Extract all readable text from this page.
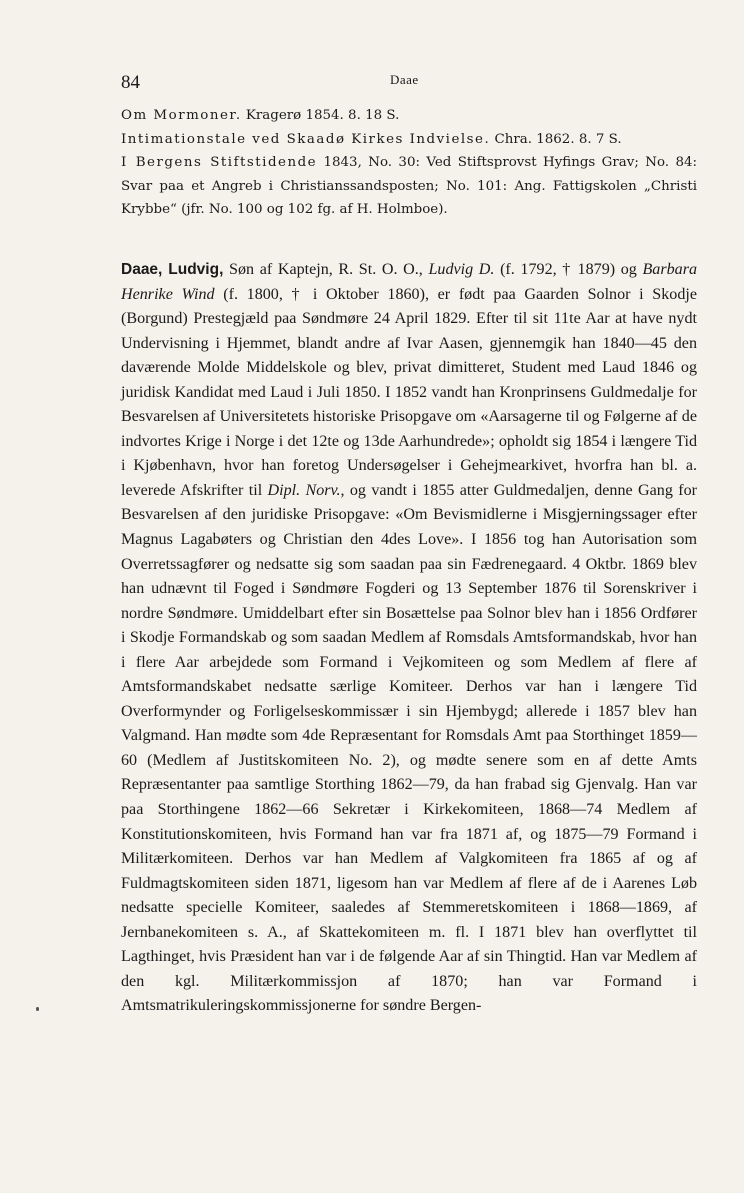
84	Daae

Om Mormoner. Kragerø 1854. 8. 18 S.

Intimationstale ved Skaadø Kirkes Indvielse. Chra. 1862. 8. 7 S.

I Bergens Stiftstidende 1843, No. 30: Ved Stiftsprovst Hyfings Grav; No. 84: Svar paa et Angreb i Christianssandsposten; No. 101: Ang. Fattigskolen „Christi Krybbe“ (jfr. No. 100 og 102 fg. af H. Holmboe).

Daae, Ludvig, Søn af Kaptejn, R. St. O. O., Ludvig D. (f. 1792, † 1879) og Barbara Henrike Wind (f. 1800, † i Oktober 1860), er født paa Gaarden Solnor i Skodje (Borgund) Prestegjæld paa Søndmøre 24 April 1829. Efter til sit 11te Aar at have nydt Undervisning i Hjemmet, blandt andre af Ivar Aasen, gjennemgik han 1840—45 den daværende Molde Middelskole og blev, privat dimitteret, Student med Laud 1846 og juridisk Kandidat med Laud i Juli 1850. I 1852 vandt han Kronprinsens Guldmedalje for Besvarelsen af Universitetets historiske Prisopgave om «Aarsagerne til og Følgerne af de indvortes Krige i Norge i det 12te og 13de Aarhundrede»; opholdt sig 1854 i længere Tid i Kjøbenhavn, hvor han foretog Undersøgelser i Gehejmearkivet, hvorfra han bl. a. leverede Afskrifter til Dipl. Norv., og vandt i 1855 atter Guldmedaljen, denne Gang for Besvarelsen af den juridiske Prisopgave: «Om Bevismidlerne i Misgjerningssager efter Magnus Lagabøters og Christian den 4des Love». I 1856 tog han Autorisation som Overretssagfører og nedsatte sig som saadan paa sin Fædrenegaard. 4 Oktbr. 1869 blev han udnævnt til Foged i Søndmøre Fogderi og 13 September 1876 til Sorenskriver i nordre Søndmøre. Umiddelbart efter sin Bosættelse paa Solnor blev han i 1856 Ordfører i Skodje Formandskab og som saadan Medlem af Romsdals Amtsformandskab, hvor han i flere Aar arbejdede som Formand i Vejkomiteen og som Medlem af flere af Amtsformandskabet nedsatte særlige Komiteer. Derhos var han i længere Tid Overformynder og Forligelseskommissær i sin Hjembygd; allerede i 1857 blev han Valgmand. Han mødte som 4de Repræsentant for Romsdals Amt paa Storthinget 1859—60 (Medlem af Justitskomiteen No. 2), og mødte senere som en af dette Amts Repræsentanter paa samtlige Storthing 1862—79, da han frabad sig Gjenvalg. Han var paa Storthingene 1862—66 Sekretær i Kirkekomiteen, 1868—74 Medlem af Konstitutionskomiteen, hvis Formand han var fra 1871 af, og 1875—79 Formand i Militærkomiteen. Derhos var han Medlem af Valgkomiteen fra 1865 af og af Fuldmagtskomiteen siden 1871, ligesom han var Medlem af flere af de i Aarenes Løb nedsatte specielle Komiteer, saaledes af Stemmeretskomiteen i 1868—1869, af Jernbanekomiteen s. A., af Skattekomiteen m. fl. I 1871 blev han overflyttet til Lagthinget, hvis Præsident han var i de følgende Aar af sin Thingtid. Han var Medlem af den kgl. Militærkommissjon af 1870; han var Formand i Amtsmatrikuleringskommissjonerne for søndre Bergen-
